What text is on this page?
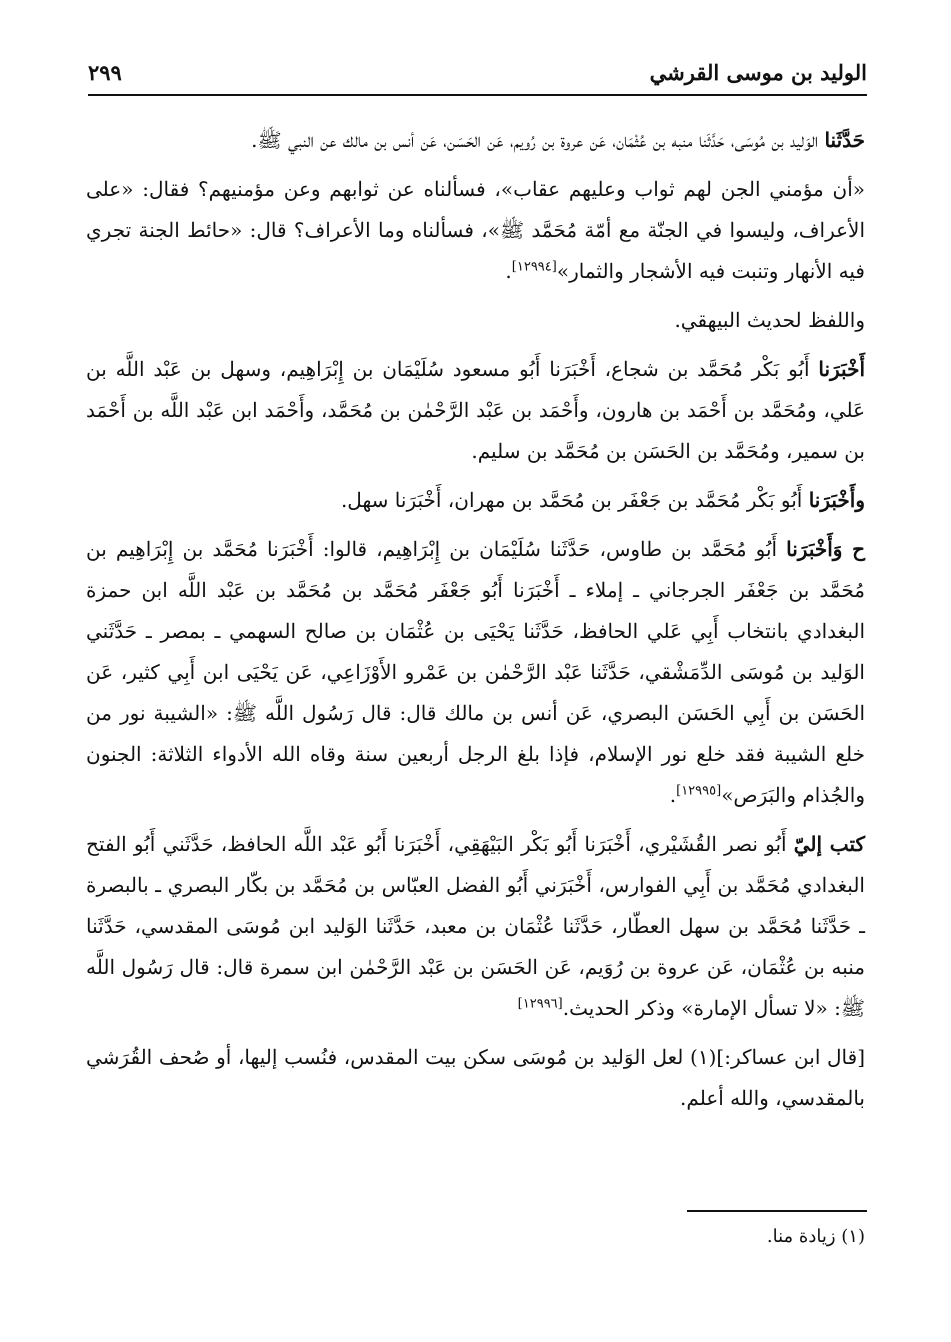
الوليد بن موسى القرشي
٢٩٩

حَدَّثَنا الوَليد بن مُوسَى، حَدَّثَنا منبه بن عُثْمَان، عَن عروة بن رُويم، عَن الحَسَن، عَن أنس بن مالك عن النبي ﷺ.

«أن مؤمني الجن لهم ثواب وعليهم عقاب»، فسألناه عن ثوابهم وعن مؤمنيهم؟ فقال: «على الأعراف، وليسوا في الجنّة مع أمّة مُحَمَّد ﷺ»، فسألناه وما الأعراف؟ قال: «حائط الجنة تجري فيه الأنهار وتنبت فيه الأشجار والثمار»[١٢٩٩٤].

واللفظ لحديث البيهقي.

أَخْبَرَنا أَبُو بَكْر مُحَمَّد بن شجاع، أَخْبَرَنا أَبُو مسعود سُلَيْمَان بن إِبْرَاهِيم، وسهل بن عَبْد اللَّه بن عَلي، ومُحَمَّد بن أَحْمَد بن هارون، وأَحْمَد بن عَبْد الرَّحْمٰن بن مُحَمَّد، وأَحْمَد ابن عَبْد اللَّه بن أَحْمَد بن سمير، ومُحَمَّد بن الحَسَن بن مُحَمَّد بن سليم.

وأَخْبَرَنا أَبُو بَكْر مُحَمَّد بن جَعْفَر بن مُحَمَّد بن مهران، أَخْبَرَنا سهل.

ح وَأَخْبَرَنا أَبُو مُحَمَّد بن طاوس، حَدَّثَنا سُلَيْمَان بن إِبْرَاهِيم، قالوا: أَخْبَرَنا مُحَمَّد بن إِبْرَاهِيم بن مُحَمَّد بن جَعْفَر الجرجاني ـ إملاء ـ أَخْبَرَنا أَبُو جَعْفَر مُحَمَّد بن مُحَمَّد بن عَبْد اللَّه ابن حمزة البغدادي بانتخاب أَبِي عَلي الحافظ، حَدَّثَنا يَحْيَى بن عُثْمَان بن صالح السهمي ـ بمصر ـ حَدَّثَني الوَليد بن مُوسَى الدِّمَشْقي، حَدَّثَنا عَبْد الرَّحْمٰن بن عَمْرو الأَوْزَاعِي، عَن يَحْيَى ابن أَبِي كثير، عَن الحَسَن بن أَبِي الحَسَن البصري، عَن أنس بن مالك قال: قال رَسُول اللَّه ﷺ: «الشيبة نور من خلع الشيبة فقد خلع نور الإسلام، فإذا بلغ الرجل أربعين سنة وقاه الله الأدواء الثلاثة: الجنون والجُذام والبَرَص»[١٢٩٩٥].

كتب إليّ أَبُو نصر القُشَيْري، أَخْبَرَنا أَبُو بَكْر البَيْهَقِي، أَخْبَرَنا أَبُو عَبْد اللَّه الحافظ، حَدَّثَني أَبُو الفتح البغدادي مُحَمَّد بن أَبِي الفوارس، أَخْبَرَني أَبُو الفضل العبّاس بن مُحَمَّد بن بكّار البصري ـ بالبصرة ـ حَدَّثَنا مُحَمَّد بن سهل العطّار، حَدَّثَنا عُثْمَان بن معبد، حَدَّثَنا الوَليد ابن مُوسَى المقدسي، حَدَّثَنا منبه بن عُثْمَان، عَن عروة بن رُوَيم، عَن الحَسَن بن عَبْد الرَّحْمٰن ابن سمرة قال: قال رَسُول اللَّه ﷺ: «لا تسأل الإمارة» وذكر الحديث.[١٢٩٩٦]

[قال ابن عساكر:](١) لعل الوَليد بن مُوسَى سكن بيت المقدس، فنُسب إليها، أو صُحف القُرَشي بالمقدسي، والله أعلم.

(١) زيادة منا.
